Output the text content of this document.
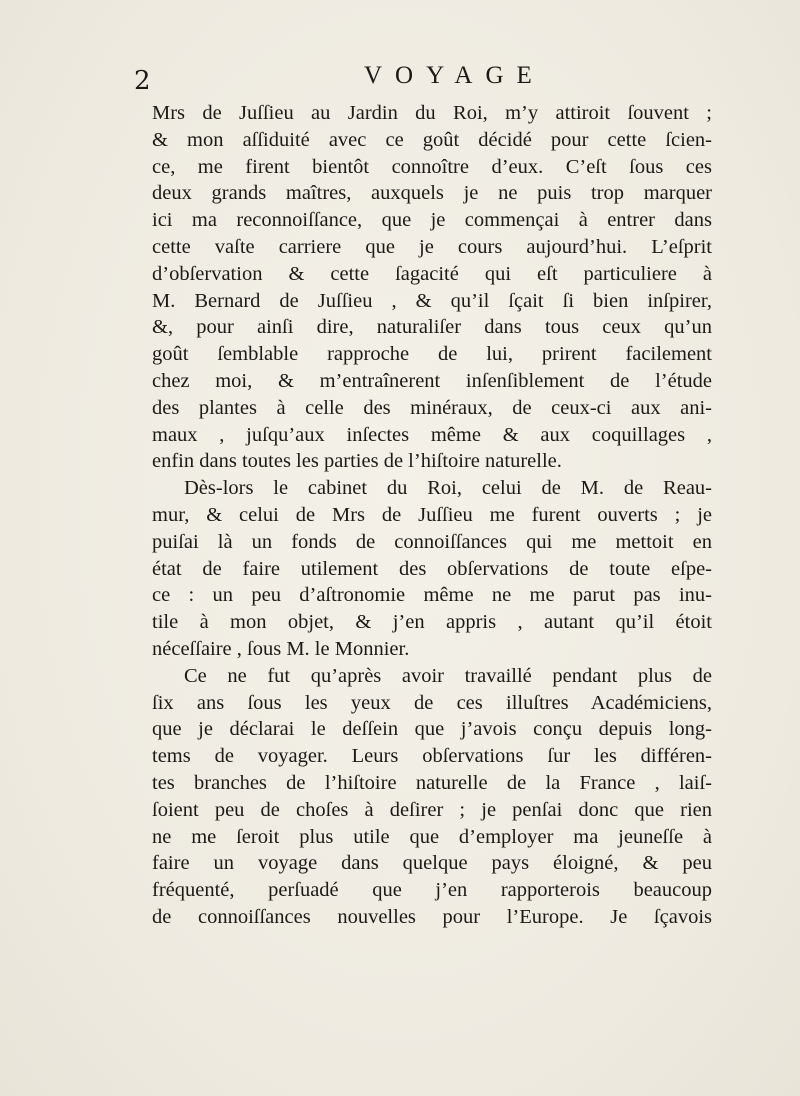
2	VOYAGE
Mrs de Juſſieu au Jardin du Roi, m’y attiroit ſouvent ;
& mon aſſiduité avec ce goût décidé pour cette ſcien-
ce, me firent bientôt connoître d’eux. C’eſt ſous ces
deux grands maîtres, auxquels je ne puis trop marquer
ici ma reconnoiſſance, que je commençai à entrer dans
cette vaſte carriere que je cours aujourd’hui. L’eſprit
d’obſervation & cette ſagacité qui eſt particuliere à
M. Bernard de Juſſieu , & qu’il ſçait ſi bien inſpirer,
&, pour ainſi dire, naturaliſer dans tous ceux qu’un
goût ſemblable rapproche de lui, prirent facilement
chez moi, & m’entraînerent inſenſiblement de l’étude
des plantes à celle des minéraux, de ceux-ci aux ani-
maux , juſqu’aux inſectes même & aux coquillages ,
enfin dans toutes les parties de l’hiſtoire naturelle.
Dès-lors le cabinet du Roi, celui de M. de Reau-
mur, & celui de Mrs de Juſſieu me furent ouverts ; je
puiſai là un fonds de connoiſſances qui me mettoit en
état de faire utilement des obſervations de toute eſpe-
ce : un peu d’aſtronomie même ne me parut pas inu-
tile à mon objet, & j’en appris , autant qu’il étoit
néceſſaire , ſous M. le Monnier.
Ce ne fut qu’après avoir travaillé pendant plus de
ſix ans ſous les yeux de ces illuſtres Académiciens,
que je déclarai le deſſein que j’avois conçu depuis long-
tems de voyager. Leurs obſervations ſur les différen-
tes branches de l’hiſtoire naturelle de la France , laiſ-
ſoient peu de choſes à deſirer ; je penſai donc que rien
ne me ſeroit plus utile que d’employer ma jeuneſſe à
faire un voyage dans quelque pays éloigné, & peu
fréquenté, perſuadé que j’en rapporterois beaucoup
de connoiſſances nouvelles pour l’Europe. Je ſçavois
